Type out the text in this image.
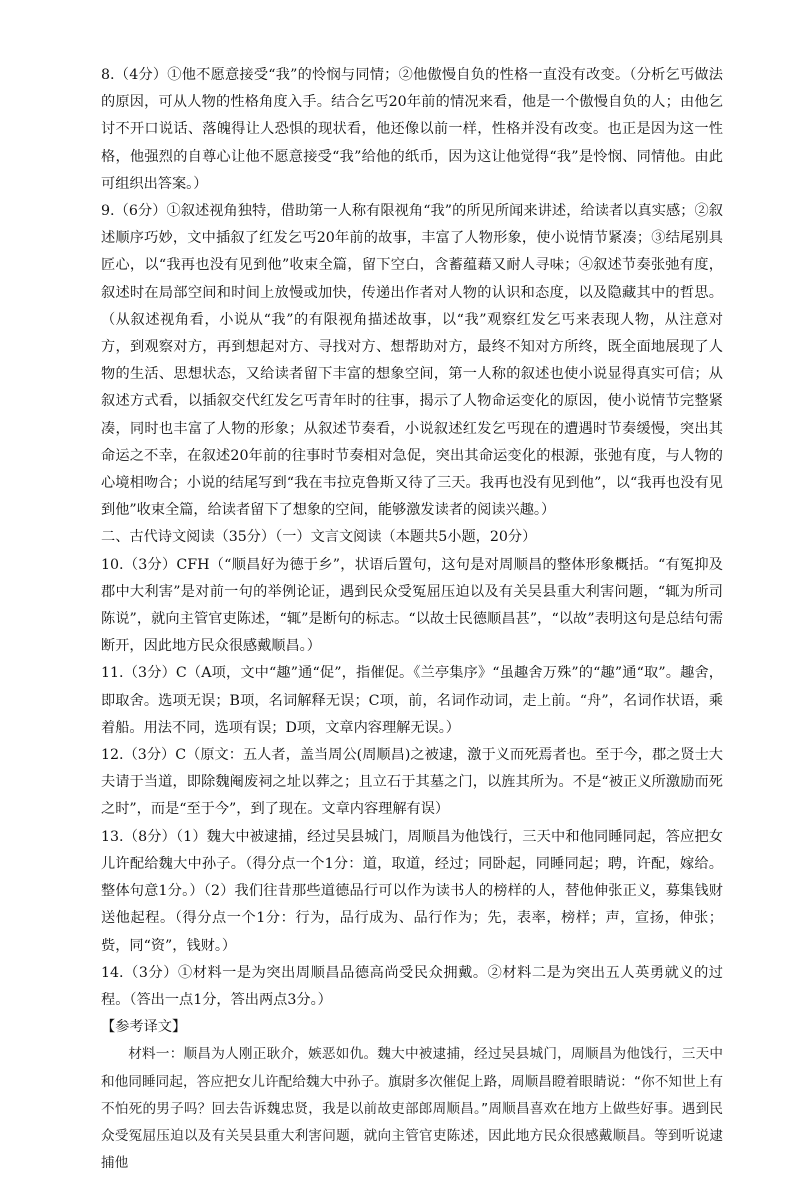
8.（4分）①他不愿意接受“我”的怜悯与同情；②他傲慢自负的性格一直没有改变。（分析乞丐做法的原因，可从人物的性格角度入手。结合乞丐20年前的情况来看，他是一个傲慢自负的人；由他乞讨不开口说话、落魄得让人恐惧的现状看，他还像以前一样，性格并没有改变。也正是因为这一性格，他强烈的自尊心让他不愿意接受“我”给他的纸币，因为这让他觉得“我”是怜悯、同情他。由此可组织出答案。）

9.（6分）①叙述视角独特，借助第一人称有限视角“我”的所见所闻来讲述，给读者以真实感；②叙述顺序巧妙，文中插叙了红发乞丐20年前的故事，丰富了人物形象，使小说情节紧凑；③结尾别具匠心，以“我再也没有见到他”收束全篇，留下空白，含蓄蕴藉又耐人寻味；④叙述节奏张弛有度，叙述时在局部空间和时间上放慢或加快，传递出作者对人物的认识和态度，以及隐藏其中的哲思。（从叙述视角看，小说从“我”的有限视角描述故事，以“我”观察红发乞丐来表现人物，从注意对方，到观察对方，再到想起对方、寻找对方、想帮助对方，最终不知对方所终，既全面地展现了人物的生活、思想状态，又给读者留下丰富的想象空间，第一人称的叙述也使小说显得真实可信；从叙述方式看，以插叙交代红发乞丐青年时的往事，揭示了人物命运变化的原因，使小说情节完整紧凑，同时也丰富了人物的形象；从叙述节奏看，小说叙述红发乞丐现在的遭遇时节奏缓慢，突出其命运之不幸，在叙述20年前的往事时节奏相对急促，突出其命运变化的根源，张弛有度，与人物的心境相吻合；小说的结尾写到“我在韦拉克鲁斯又待了三天。我再也没有见到他”，以“我再也没有见到他”收束全篇，给读者留下了想象的空间，能够激发读者的阅读兴趣。）

二、古代诗文阅读（35分）（一）文言文阅读（本题共5小题，20分）

10.（3分）CFH（“顺昌好为德于乡”，状语后置句，这句是对周顺昌的整体形象概括。“有冤抑及郡中大利害”是对前一句的举例论证，遇到民众受冤屈压迫以及有关吴县重大利害问题，“辄为所司陈说”，就向主管官吏陈述，“辄”是断句的标志。“以故士民德顺昌甚”，“以故”表明这句是总结句需断开，因此地方民众很感戴顺昌。）

11.（3分）C（A项，文中“趣”通“促”，指催促。《兰亭集序》“虽趣舍万殊”的“趣”通“取”。趣舍，即取舍。选项无误；B项，名词解释无误；C项，前，名词作动词，走上前。“舟”，名词作状语，乘着船。用法不同，选项有误；D项，文章内容理解无误。）

12.（3分）C（原文：五人者，盖当周公(周顺昌)之被逮，激于义而死焉者也。至于今，郡之贤士大夫请于当道，即除魏阉废祠之址以葬之；且立石于其墓之门，以旌其所为。不是“被正义所激励而死之时”，而是“至于今”，到了现在。文章内容理解有误）

13.（8分）（1）魏大中被逮捕，经过吴县城门，周顺昌为他饯行，三天中和他同睡同起，答应把女儿许配给魏大中孙子。（得分点一个1分：道，取道，经过；同卧起，同睡同起；聘，许配，嫁给。整体句意1分。）（2）我们往昔那些道德品行可以作为读书人的榜样的人，替他伸张正义，募集钱财送他起程。（得分点一个1分：行为，品行成为、品行作为；先，表率，榜样；声，宣扬，伸张；赀，同“资”，钱财。）

14.（3分）①材料一是为突出周顺昌品德高尚受民众拥戴。②材料二是为突出五人英勇就义的过程。（答出一点1分，答出两点3分。）

【参考译文】

材料一：顺昌为人刚正耿介，嫉恶如仇。魏大中被逮捕，经过吴县城门，周顺昌为他饯行，三天中和他同睡同起，答应把女儿许配给魏大中孙子。旗尉多次催促上路，周顺昌瞪着眼睛说：“你不知世上有不怕死的男子吗？回去告诉魏忠贤，我是以前故吏部郎周顺昌。”周顺昌喜欢在地方上做些好事。遇到民众受冤屈压迫以及有关吴县重大利害问题，就向主管官吏陈述，因此地方民众很感戴顺昌。等到听说逮捕他
